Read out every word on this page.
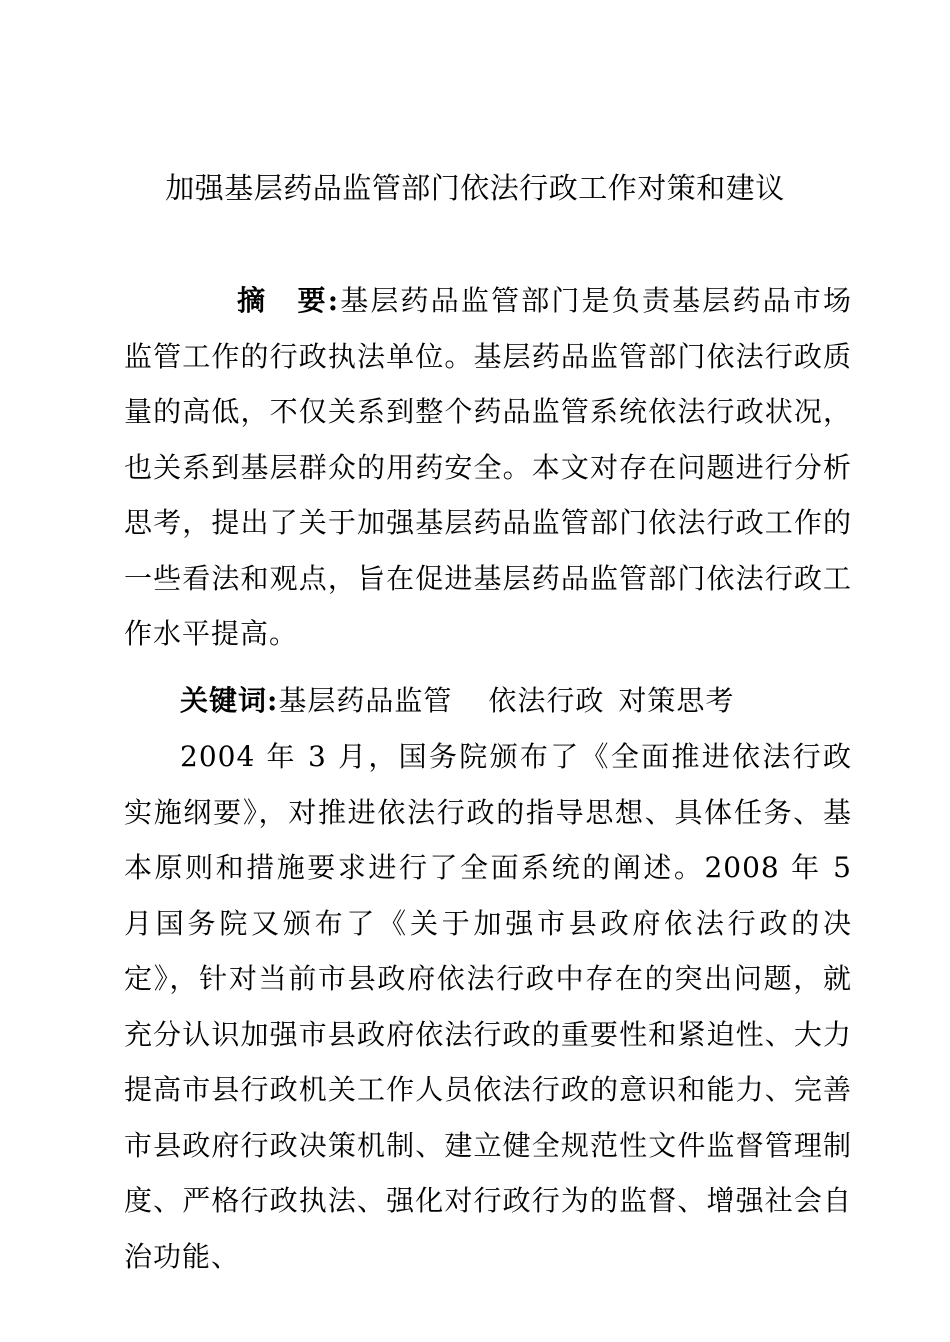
加强基层药品监管部门依法行政工作对策和建议
摘　要:基层药品监管部门是负责基层药品市场监管工作的行政执法单位。基层药品监管部门依法行政质量的高低，不仅关系到整个药品监管系统依法行政状况，也关系到基层群众的用药安全。本文对存在问题进行分析思考，提出了关于加强基层药品监管部门依法行政工作的一些看法和观点，旨在促进基层药品监管部门依法行政工作水平提高。
关键词:基层药品监管 依法行政 对策思考
2004 年 3 月，国务院颁布了《全面推进依法行政实施纲要》，对推进依法行政的指导思想、具体任务、基本原则和措施要求进行了全面系统的阐述。2008 年 5 月国务院又颁布了《关于加强市县政府依法行政的决定》，针对当前市县政府依法行政中存在的突出问题，就充分认识加强市县政府依法行政的重要性和紧迫性、大力提高市县行政机关工作人员依法行政的意识和能力、完善市县政府行政决策机制、建立健全规范性文件监督管理制度、严格行政执法、强化对行政行为的监督、增强社会自治功能、
